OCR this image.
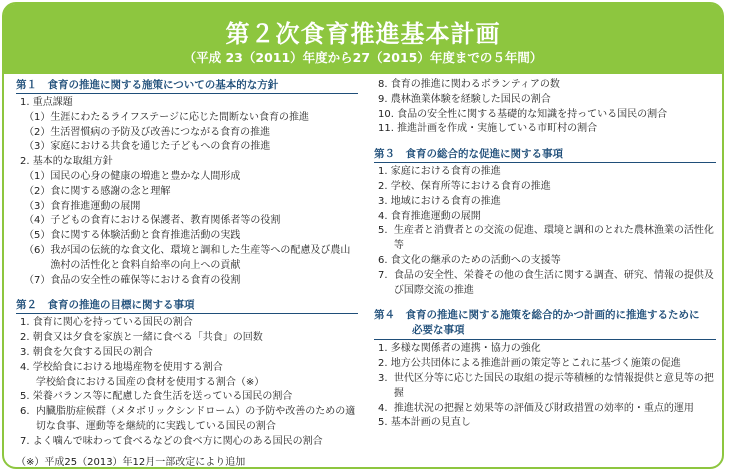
第２次食育推進基本計画
（平成 23（2011）年度から27（2015）年度までの５年間）
第１　食育の推進に関する施策についての基本的な方針
1. 重点課題
（1）生涯にわたるライフステージに応じた間断ない食育の推進
（2）生活習慣病の予防及び改善につながる食育の推進
（3）家庭における共食を通じた子どもへの食育の推進
2. 基本的な取組方針
（1）国民の心身の健康の増進と豊かな人間形成
（2）食に関する感謝の念と理解
（3）食育推進運動の展開
（4）子どもの食育における保護者、教育関係者等の役割
（5）食に関する体験活動と食育推進活動の実践
（6） 我が国の伝統的な食文化、環境と調和した生産等への配慮及び農山漁村の活性化と食料自給率の向上への貢献
（7）食品の安全性の確保等における食育の役割
第２　食育の推進の目標に関する事項
1. 食育に関心を持っている国民の割合
2. 朝食又は夕食を家族と一緒に食べる「共食」の回数
3. 朝食を欠食する国民の割合
4. 学校給食における地場産物を使用する割合
学校給食における国産の食材を使用する割合（※）
5. 栄養バランス等に配慮した食生活を送っている国民の割合
6. 内臓脂肪症候群（メタボリックシンドローム）の予防や改善のための適切な食事、運動等を継続的に実践している国民の割合
7. よく噛んで味わって食べるなどの食べ方に関心のある国民の割合
（※）平成25（2013）年12月一部改定により追加
8. 食育の推進に関わるボランティアの数
9. 農林漁業体験を経験した国民の割合
10. 食品の安全性に関する基礎的な知識を持っている国民の割合
11. 推進計画を作成・実施している市町村の割合
第３　食育の総合的な促進に関する事項
1. 家庭における食育の推進
2. 学校、保育所等における食育の推進
3. 地域における食育の推進
4. 食育推進運動の展開
5. 生産者と消費者との交流の促進、環境と調和のとれた農林漁業の活性化等
6. 食文化の継承のための活動への支援等
7. 食品の安全性、栄養その他の食生活に関する調査、研究、情報の提供及び国際交流の推進
第４　食育の推進に関する施策を総合的かつ計画的に推進するために
必要な事項
1. 多様な関係者の連携・協力の強化
2. 地方公共団体による推進計画の策定等とこれに基づく施策の促進
3. 世代区分等に応じた国民の取組の提示等積極的な情報提供と意見等の把握
4. 推進状況の把握と効果等の評価及び財政措置の効率的・重点的運用
5. 基本計画の見直し
